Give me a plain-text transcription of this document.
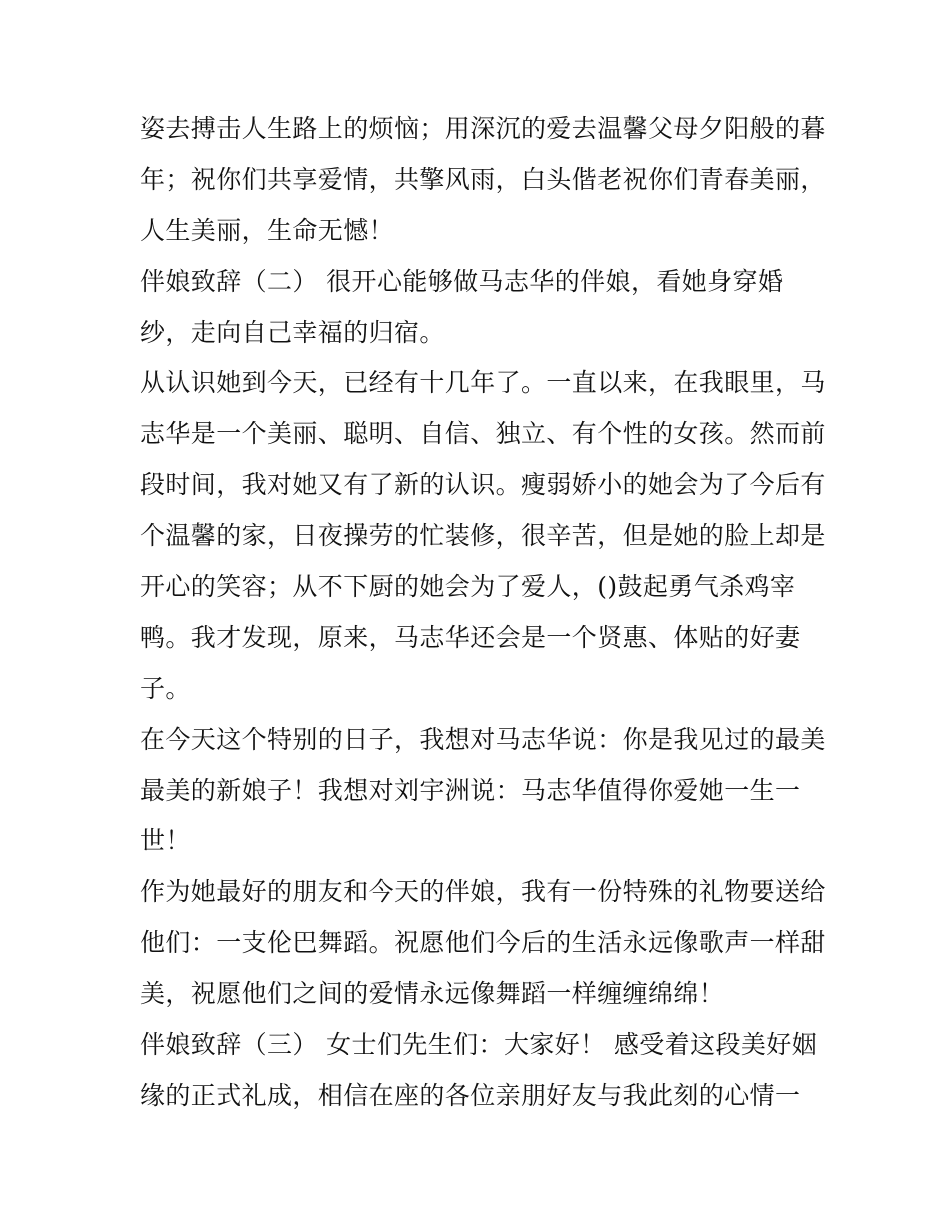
姿去搏击人生路上的烦恼；用深沉的爱去温馨父母夕阳般的暮
年；祝你们共享爱情，共擎风雨，白头偕老祝你们青春美丽，
人生美丽，生命无憾！
伴娘致辞（二） 很开心能够做马志华的伴娘，看她身穿婚
纱，走向自己幸福的归宿。
从认识她到今天，已经有十几年了。一直以来，在我眼里，马
志华是一个美丽、聪明、自信、独立、有个性的女孩。然而前
段时间，我对她又有了新的认识。瘦弱娇小的她会为了今后有
个温馨的家，日夜操劳的忙装修，很辛苦，但是她的脸上却是
开心的笑容；从不下厨的她会为了爱人，()鼓起勇气杀鸡宰
鸭。我才发现，原来，马志华还会是一个贤惠、体贴的好妻
子。
在今天这个特别的日子，我想对马志华说：你是我见过的最美
最美的新娘子！我想对刘宇洲说：马志华值得你爱她一生一
世！
作为她最好的朋友和今天的伴娘，我有一份特殊的礼物要送给
他们：一支伦巴舞蹈。祝愿他们今后的生活永远像歌声一样甜
美，祝愿他们之间的爱情永远像舞蹈一样缠缠绵绵！
伴娘致辞（三） 女士们先生们：大家好！ 感受着这段美好姻
缘的正式礼成，相信在座的各位亲朋好友与我此刻的心情一
